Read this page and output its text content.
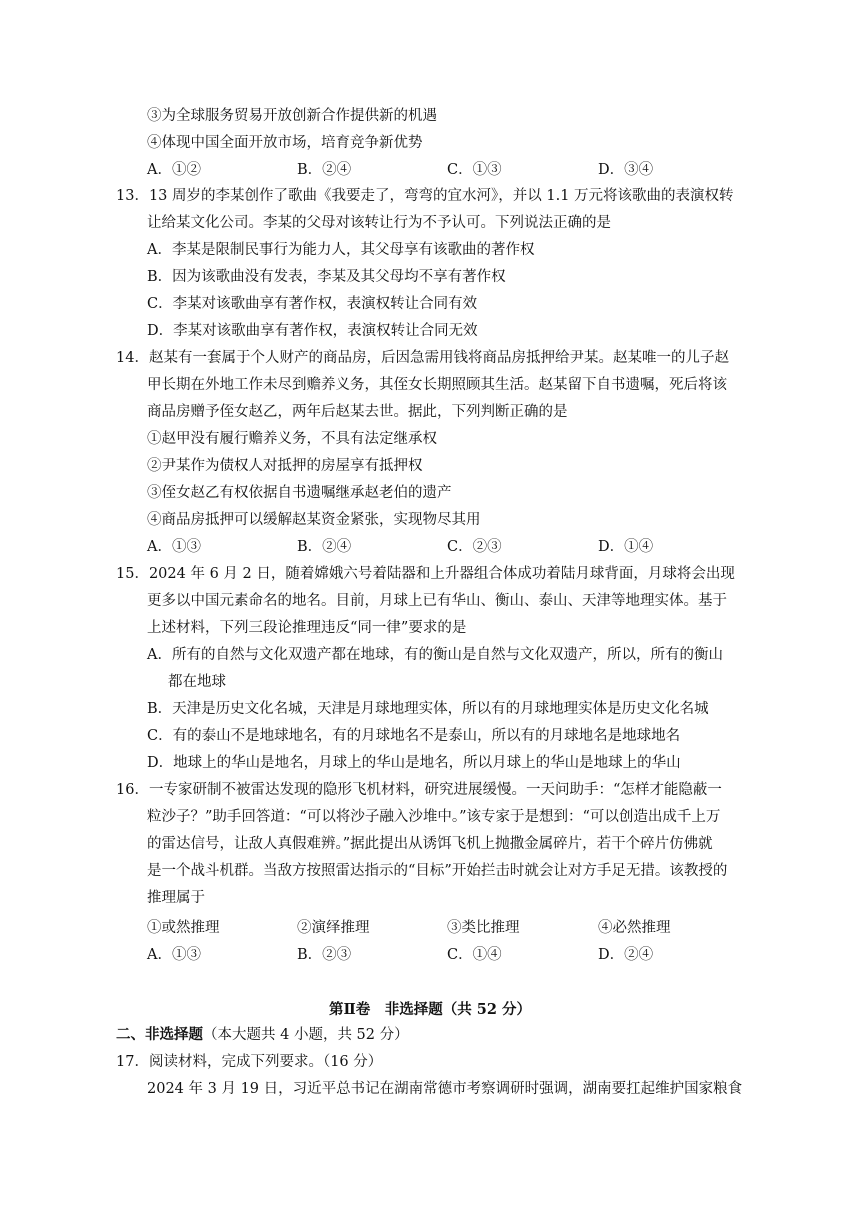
③为全球服务贸易开放创新合作提供新的机遇
④体现中国全面开放市场，培育竞争新优势
A．①②	B．②④	C．①③	D．③④
13．13 周岁的李某创作了歌曲《我要走了，弯弯的宜水河》，并以 1.1 万元将该歌曲的表演权转
让给某文化公司。李某的父母对该转让行为不予认可。下列说法正确的是
A．李某是限制民事行为能力人，其父母享有该歌曲的著作权
B．因为该歌曲没有发表，李某及其父母均不享有著作权
C．李某对该歌曲享有著作权，表演权转让合同有效
D．李某对该歌曲享有著作权，表演权转让合同无效
14．赵某有一套属于个人财产的商品房，后因急需用钱将商品房抵押给尹某。赵某唯一的儿子赵
甲长期在外地工作未尽到赡养义务，其侄女长期照顾其生活。赵某留下自书遗嘱，死后将该
商品房赠予侄女赵乙，两年后赵某去世。据此，下列判断正确的是
①赵甲没有履行赡养义务，不具有法定继承权
②尹某作为债权人对抵押的房屋享有抵押权
③侄女赵乙有权依据自书遗嘱继承赵老伯的遗产
④商品房抵押可以缓解赵某资金紧张，实现物尽其用
A．①③	B．②④	C．②③	D．①④
15．2024 年 6 月 2 日，随着嫦娥六号着陆器和上升器组合体成功着陆月球背面，月球将会出现
更多以中国元素命名的地名。目前，月球上已有华山、衡山、泰山、天津等地理实体。基于
上述材料，下列三段论推理违反“同一律”要求的是
A．所有的自然与文化双遗产都在地球，有的衡山是自然与文化双遗产，所以，所有的衡山
都在地球
B．天津是历史文化名城，天津是月球地理实体，所以有的月球地理实体是历史文化名城
C．有的泰山不是地球地名，有的月球地名不是泰山，所以有的月球地名是地球地名
D．地球上的华山是地名，月球上的华山是地名，所以月球上的华山是地球上的华山
16．一专家研制不被雷达发现的隐形飞机材料，研究进展缓慢。一天问助手：“怎样才能隐蔽一
粒沙子？”助手回答道：“可以将沙子融入沙堆中。”该专家于是想到：“可以创造出成千上万
的雷达信号，让敌人真假难辨。”据此提出从诱饵飞机上抛撒金属碎片，若干个碎片仿佛就
是一个战斗机群。当敌方按照雷达指示的“目标”开始拦击时就会让对方手足无措。该教授的
推理属于
①或然推理	②演绎推理	③类比推理	④必然推理
A．①③	B．②③	C．①④	D．②④
第Ⅱ卷　非选择题（共 52 分）
二、非选择题（本大题共 4 小题，共 52 分）
17．阅读材料，完成下列要求。（16 分）
2024 年 3 月 19 日，习近平总书记在湖南常德市考察调研时强调，湖南要扛起维护国家粮食
